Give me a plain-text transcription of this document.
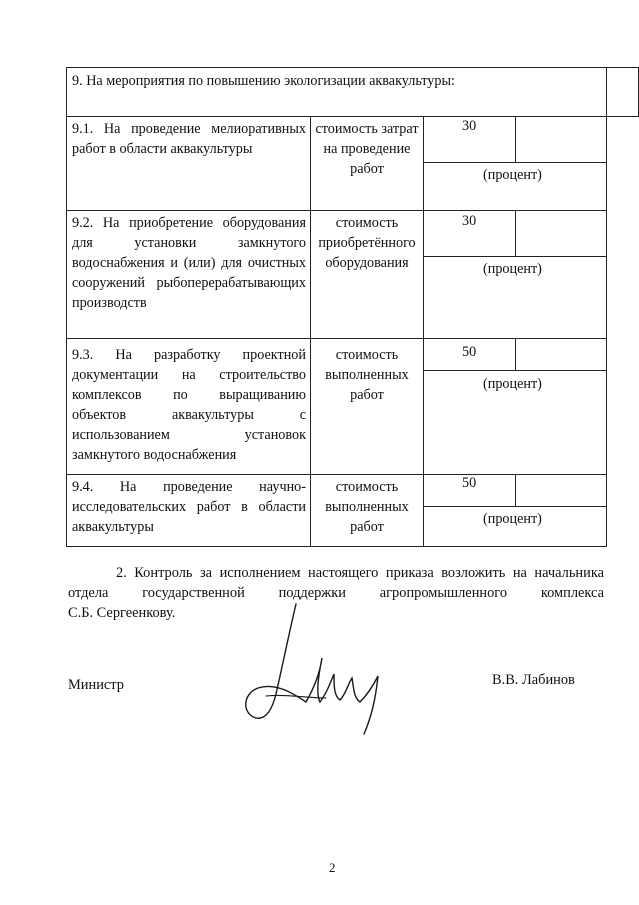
9. На мероприятия по повышению экологизации аквакультуры:
9.1. На проведение мелиоративных работ в области аквакультуры
стоимость затрат на проведение работ
30
(процент)
9.2. На приобретение оборудования для установки замкнутого водоснабжения и (или) для очистных сооружений рыбоперерабатывающих производств
стоимость приобретённого оборудования
30
(процент)
9.3. На разработку проектной документации на строительство комплексов по выращиванию объектов аквакультуры с использованием установок замкнутого водоснабжения
стоимость выполненных работ
50
(процент)
9.4. На проведение научно-исследовательских работ в области аквакультуры
стоимость выполненных работ
50
(процент)
2. Контроль за исполнением настоящего приказа возложить на начальника
отдела государственной поддержки агропромышленного комплекса
С.Б. Сергеенкову.
Министр	В.В. Лабинов
2
